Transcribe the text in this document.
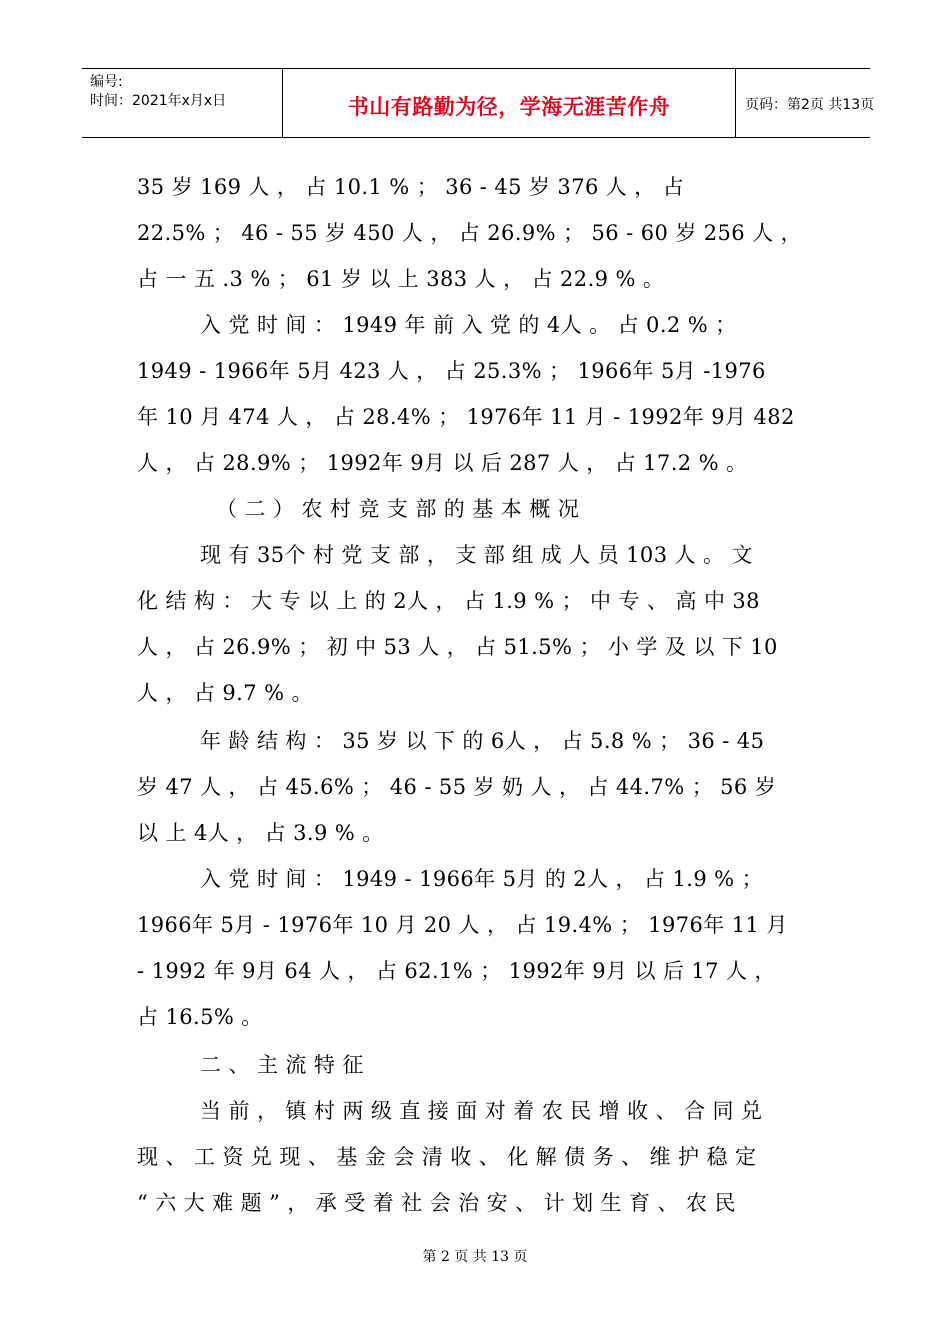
编号:
时间：2021年x月x日	书山有路勤为径，学海无涯苦作舟	页码：第2页 共13页
35 岁 169 人 ， 占 10.1 % ； 36 - 45 岁 376 人 ， 占
22.5% ； 46 - 55 岁 450 人 ， 占 26.9% ； 56 - 60 岁 256 人 ，
占 一 五 .3 % ； 61 岁 以 上 383 人 ， 占 22.9 % 。
入 党 时 间 ： 1949 年 前 入 党 的 4人 。 占 0.2 % ；
1949 - 1966年 5月 423 人 ， 占 25.3% ； 1966年 5月 -1976
年 10 月 474 人 ， 占 28.4% ； 1976年 11 月 - 1992年 9月 482
人 ， 占 28.9% ； 1992年 9月 以 后 287 人 ， 占 17.2 % 。
（ 二 ） 农 村 竞 支 部 的 基 本 概 况
现 有 35个 村 党 支 部 ， 支 部 组 成 人 员 103 人 。 文
化 结 构 ： 大 专 以 上 的 2人 ， 占 1.9 % ； 中 专 、 高 中 38
人 ， 占 26.9% ； 初 中 53 人 ， 占 51.5% ； 小 学 及 以 下 10
人 ， 占 9.7 % 。
年 龄 结 构 ： 35 岁 以 下 的 6人 ， 占 5.8 % ； 36 - 45
岁 47 人 ， 占 45.6% ； 46 - 55 岁 奶 人 ， 占 44.7% ； 56 岁
以 上 4人 ， 占 3.9 % 。
入 党 时 间 ： 1949 - 1966年 5月 的 2人 ， 占 1.9 % ；
1966年 5月 - 1976年 10 月 20 人 ， 占 19.4% ； 1976年 11 月
- 1992 年 9月 64 人 ， 占 62.1% ； 1992年 9月 以 后 17 人 ，
占 16.5% 。
二 、 主 流 特 征
当 前 ， 镇 村 两 级 直 接 面 对 着 农 民 增 收 、 合 同 兑
现 、 工 资 兑 现 、 基 金 会 清 收 、 化 解 债 务 、 维 护 稳 定
“ 六 大 难 题 ” ， 承 受 着 社 会 治 安 、 计 划 生 育 、 农 民
第 2 页 共 13 页
